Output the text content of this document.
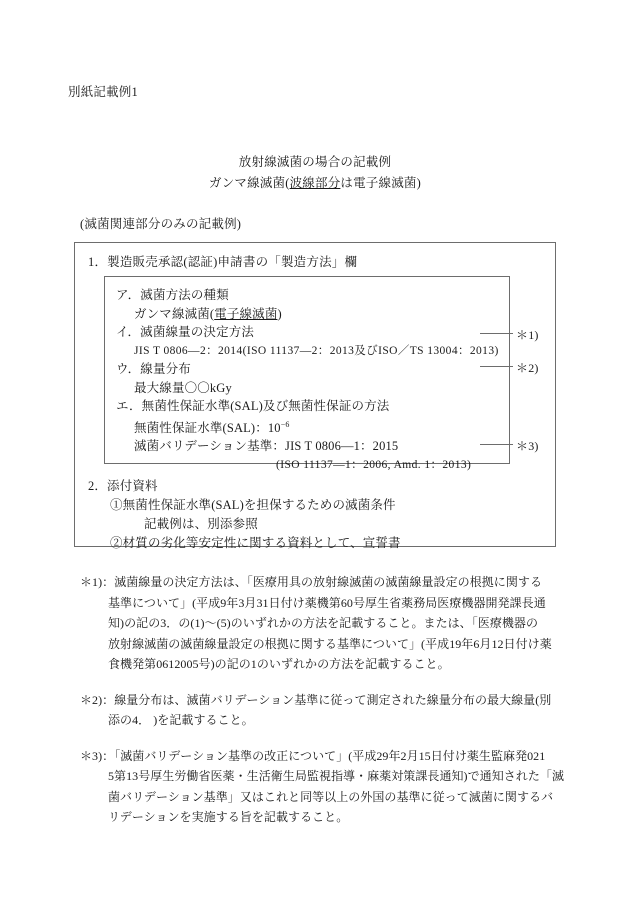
別紙記載例1
放射線滅菌の場合の記載例
ガンマ線滅菌(波線部分は電子線滅菌)
(滅菌関連部分のみの記載例)
1．製造販売承認(認証)申請書の「製造方法」欄
ア．滅菌方法の種類
ガンマ線滅菌(電子線滅菌)
イ．滅菌線量の決定方法
JIS T 0806—2：2014(ISO 11137—2：2013及びISO／TS 13004：2013)
ウ．線量分布
最大線量〇〇kGy
エ．無菌性保証水準(SAL)及び無菌性保証の方法
無菌性保証水準(SAL)：$10^{-6}$
滅菌バリデーション基準：JIS T 0806—1：2015
(ISO 11137—1：2006, Amd. 1：2013)
＊1)
＊2)
＊3)
2．添付資料
①無菌性保証水準(SAL)を担保するための滅菌条件
記載例は、別添参照
②材質の劣化等安定性に関する資料として、宣誓書
＊1)：滅菌線量の決定方法は、「医療用具の放射線滅菌の滅菌線量設定の根拠に関する
基準について」(平成9年3月31日付け薬機第60号厚生省薬務局医療機器開発課長通
知)の記の3．の(1)～(5)のいずれかの方法を記載すること。または、「医療機器の
放射線滅菌の滅菌線量設定の根拠に関する基準について」(平成19年6月12日付け薬
食機発第0612005号)の記の1のいずれかの方法を記載すること。
＊2)：線量分布は、滅菌バリデーション基準に従って測定された線量分布の最大線量(別
添の4． )を記載すること。
＊3)：「滅菌バリデーション基準の改正について」(平成29年2月15日付け薬生監麻発021
5第13号厚生労働省医薬・生活衛生局監視指導・麻薬対策課長通知)で通知された「滅
菌バリデーション基準」又はこれと同等以上の外国の基準に従って滅菌に関するバ
リデーションを実施する旨を記載すること。
